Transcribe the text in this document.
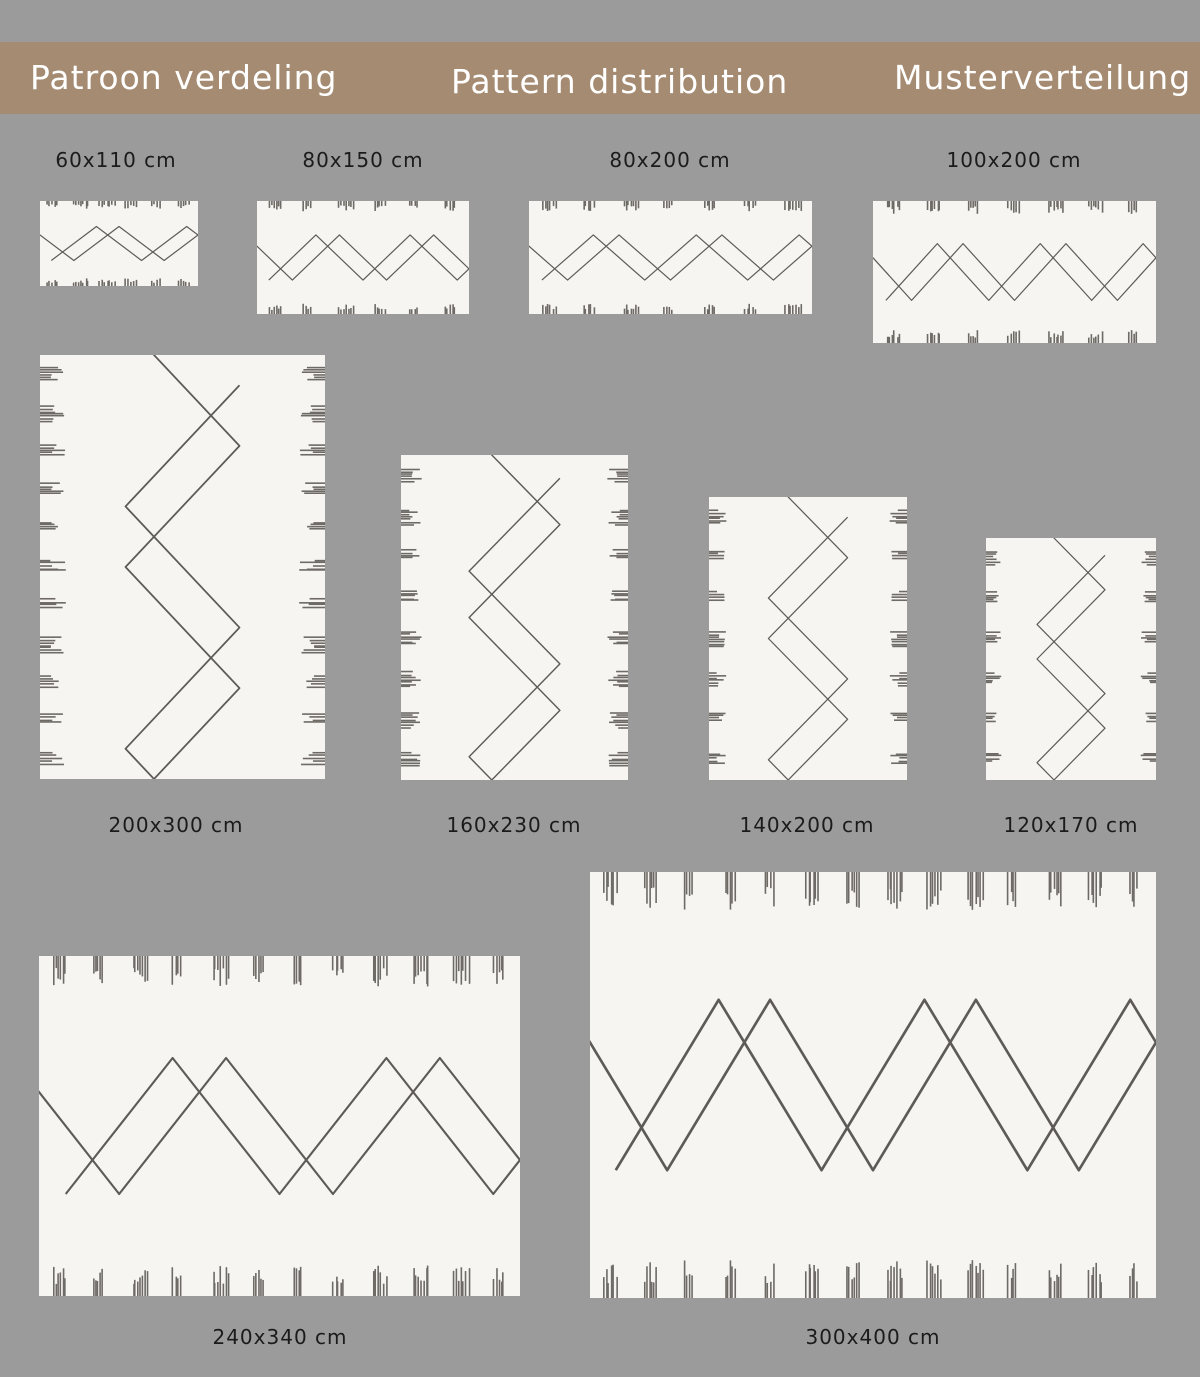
Patroon verdeling	Pattern distribution	Musterverteilung
60x110 cm	80x150 cm	80x200 cm	100x200 cm
200x300 cm	160x230 cm	140x200 cm	120x170 cm
240x340 cm	300x400 cm
